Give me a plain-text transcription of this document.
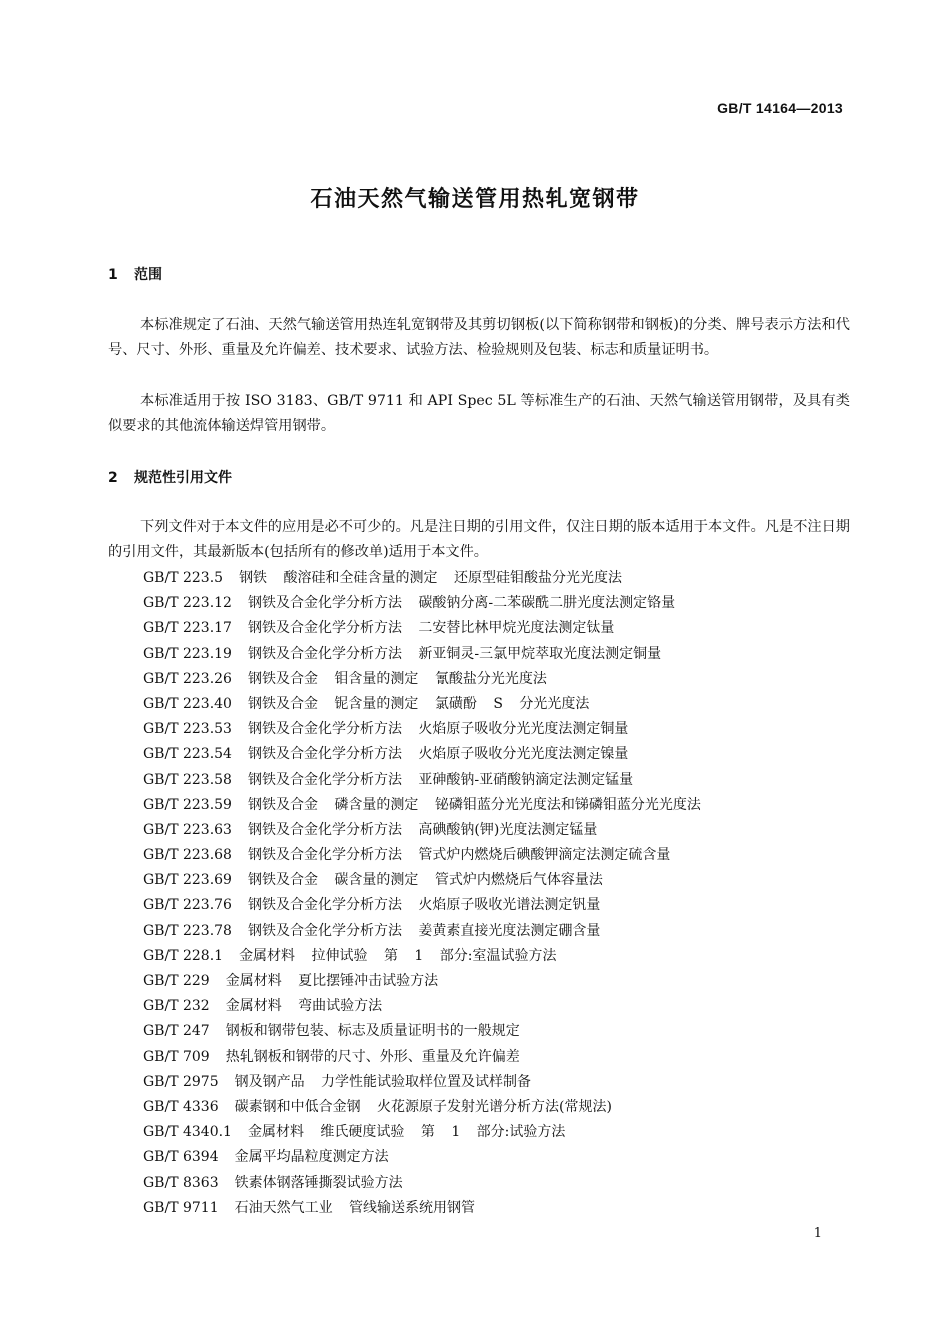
GB/T 14164—2013
石油天然气输送管用热轧宽钢带
1 范围
本标准规定了石油、天然气输送管用热连轧宽钢带及其剪切钢板(以下简称钢带和钢板)的分类、牌号表示方法和代号、尺寸、外形、重量及允许偏差、技术要求、试验方法、检验规则及包装、标志和质量证明书。
本标准适用于按 ISO 3183、GB/T 9711 和 API Spec 5L 等标准生产的石油、天然气输送管用钢带，及具有类似要求的其他流体输送焊管用钢带。
2 规范性引用文件
下列文件对于本文件的应用是必不可少的。凡是注日期的引用文件，仅注日期的版本适用于本文件。凡是不注日期的引用文件，其最新版本(包括所有的修改单)适用于本文件。
GB/T 223.5 钢铁 酸溶硅和全硅含量的测定 还原型硅钼酸盐分光光度法
GB/T 223.12 钢铁及合金化学分析方法 碳酸钠分离-二苯碳酰二肼光度法测定铬量
GB/T 223.17 钢铁及合金化学分析方法 二安替比林甲烷光度法测定钛量
GB/T 223.19 钢铁及合金化学分析方法 新亚铜灵-三氯甲烷萃取光度法测定铜量
GB/T 223.26 钢铁及合金 钼含量的测定 氰酸盐分光光度法
GB/T 223.40 钢铁及合金 铌含量的测定 氯磺酚 S 分光光度法
GB/T 223.53 钢铁及合金化学分析方法 火焰原子吸收分光光度法测定铜量
GB/T 223.54 钢铁及合金化学分析方法 火焰原子吸收分光光度法测定镍量
GB/T 223.58 钢铁及合金化学分析方法 亚砷酸钠-亚硝酸钠滴定法测定锰量
GB/T 223.59 钢铁及合金 磷含量的测定 铋磷钼蓝分光光度法和锑磷钼蓝分光光度法
GB/T 223.63 钢铁及合金化学分析方法 高碘酸钠(钾)光度法测定锰量
GB/T 223.68 钢铁及合金化学分析方法 管式炉内燃烧后碘酸钾滴定法测定硫含量
GB/T 223.69 钢铁及合金 碳含量的测定 管式炉内燃烧后气体容量法
GB/T 223.76 钢铁及合金化学分析方法 火焰原子吸收光谱法测定钒量
GB/T 223.78 钢铁及合金化学分析方法 姜黄素直接光度法测定硼含量
GB/T 228.1 金属材料 拉伸试验 第 1 部分:室温试验方法
GB/T 229 金属材料 夏比摆锤冲击试验方法
GB/T 232 金属材料 弯曲试验方法
GB/T 247 钢板和钢带包装、标志及质量证明书的一般规定
GB/T 709 热轧钢板和钢带的尺寸、外形、重量及允许偏差
GB/T 2975 钢及钢产品 力学性能试验取样位置及试样制备
GB/T 4336 碳素钢和中低合金钢 火花源原子发射光谱分析方法(常规法)
GB/T 4340.1 金属材料 维氏硬度试验 第 1 部分:试验方法
GB/T 6394 金属平均晶粒度测定方法
GB/T 8363 铁素体钢落锤撕裂试验方法
GB/T 9711 石油天然气工业 管线输送系统用钢管
1
